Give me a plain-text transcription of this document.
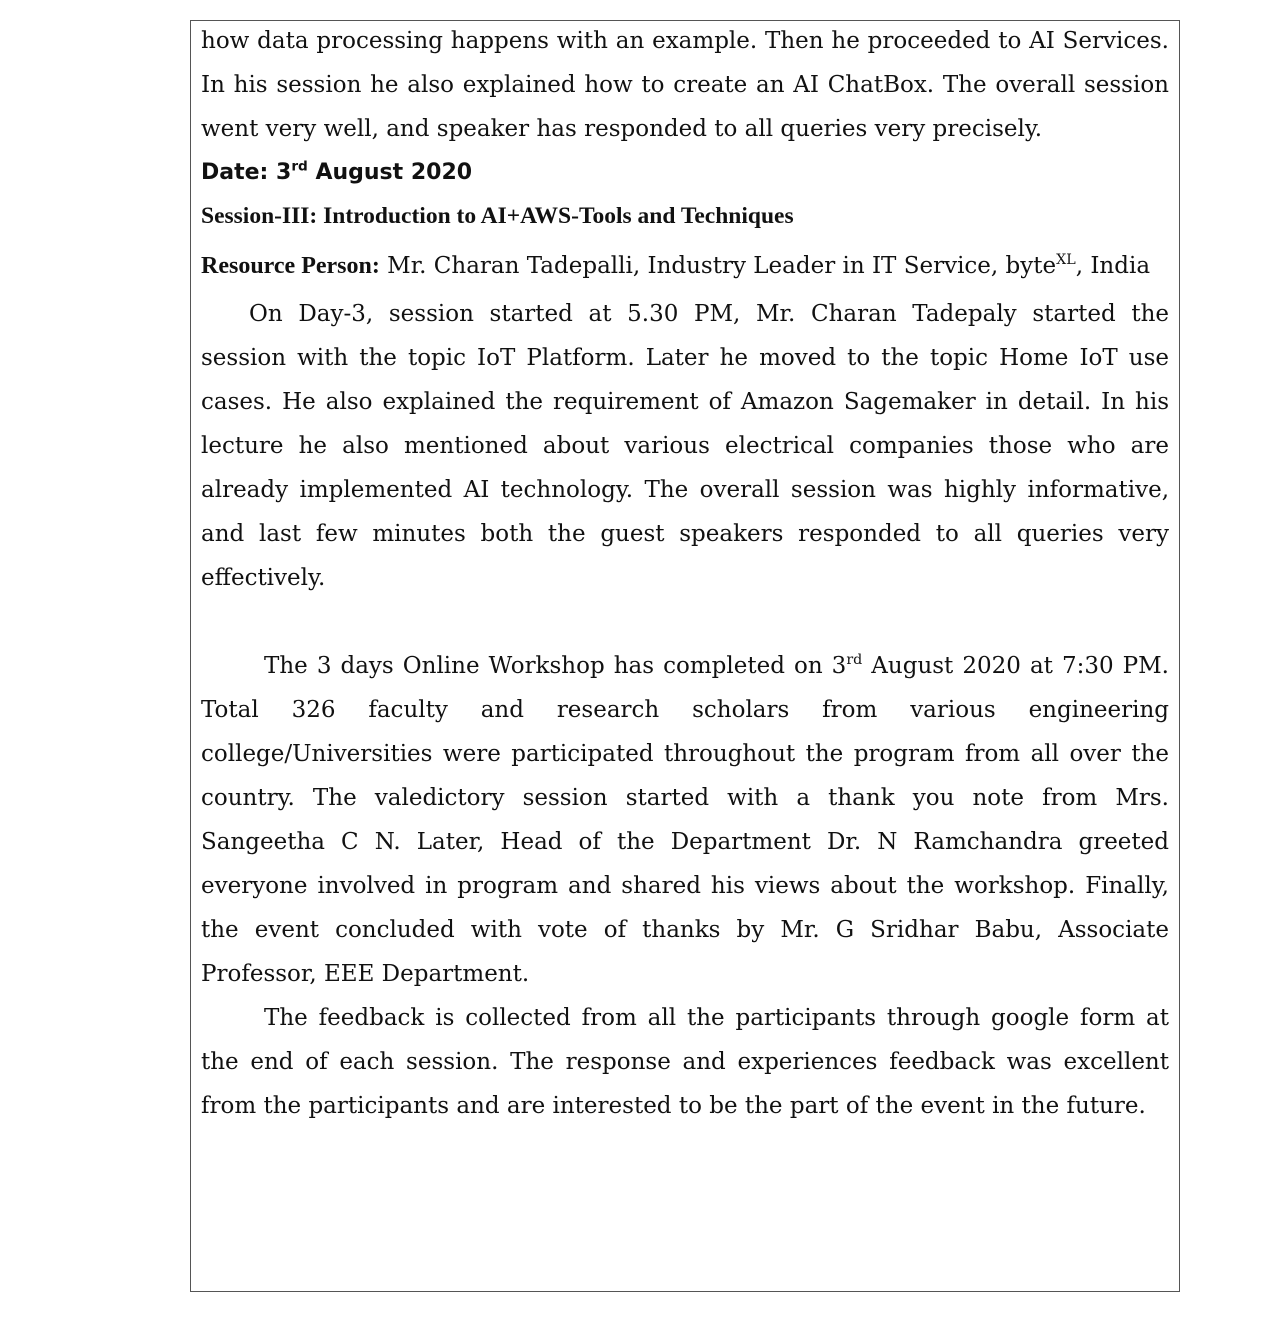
how data processing happens with an example. Then he proceeded to AI Services. In his session he also explained how to create an AI ChatBox. The overall session went very well, and speaker has responded to all queries very precisely.

Date: 3rd August 2020

Session-III: Introduction to AI+AWS-Tools and Techniques

Resource Person: Mr. Charan Tadepalli, Industry Leader in IT Service, byte$^{XL}$, India

On Day-3, session started at 5.30 PM, Mr. Charan Tadepaly started the session with the topic IoT Platform. Later he moved to the topic Home IoT use cases. He also explained the requirement of Amazon Sagemaker in detail. In his lecture he also mentioned about various electrical companies those who are already implemented AI technology. The overall session was highly informative, and last few minutes both the guest speakers responded to all queries very effectively.

The 3 days Online Workshop has completed on 3rd August 2020 at 7:30 PM. Total 326 faculty and research scholars from various engineering college/Universities were participated throughout the program from all over the country. The valedictory session started with a thank you note from Mrs. Sangeetha C N. Later, Head of the Department Dr. N Ramchandra greeted everyone involved in program and shared his views about the workshop. Finally, the event concluded with vote of thanks by Mr. G Sridhar Babu, Associate Professor, EEE Department.

The feedback is collected from all the participants through google form at the end of each session. The response and experiences feedback was excellent from the participants and are interested to be the part of the event in the future.
